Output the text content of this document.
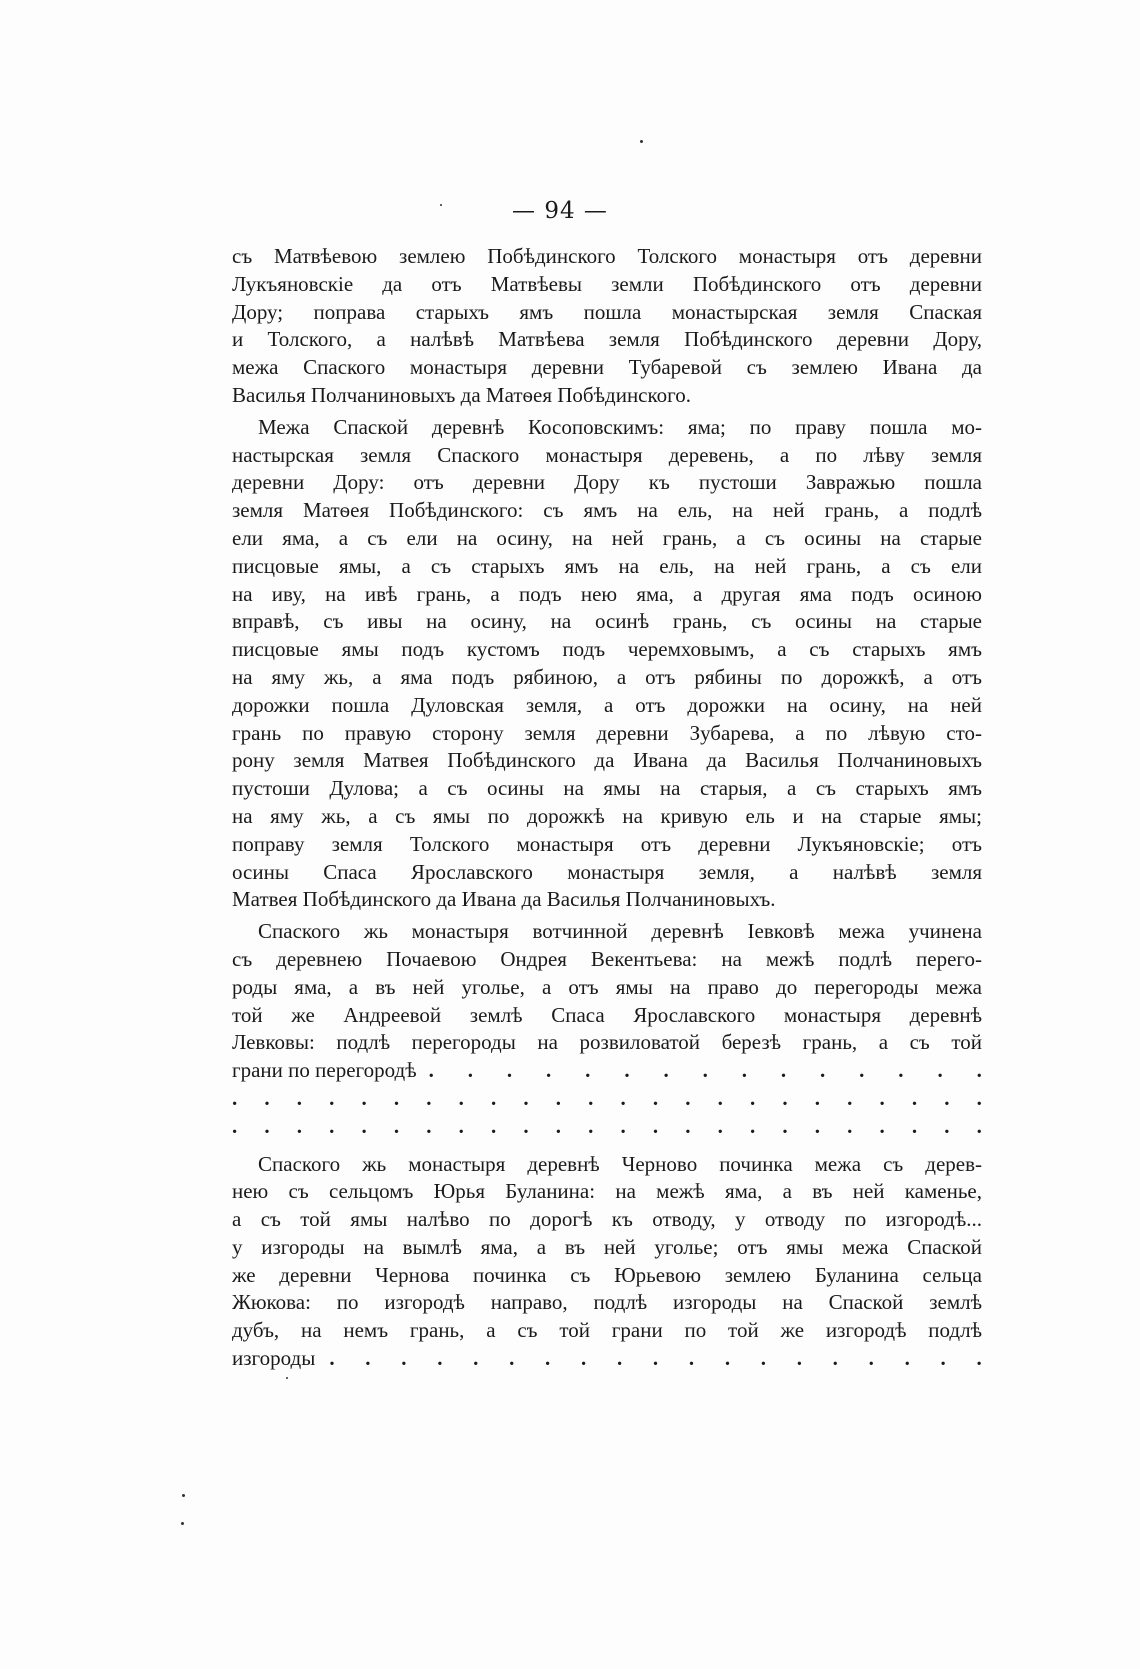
— 94 —
съ Матвѣевою землею Побѣдинского Толского монастыря отъ деревни
Лукъяновскіе да отъ Матвѣевы земли Побѣдинского отъ деревни
Дору; поправа старыхъ ямъ пошла монастырская земля Спаская
и Толского, а налѣвѣ Матвѣева земля Побѣдинского деревни Дору,
межа Спаского монастыря деревни Тубаревой съ землею Ивана да
Василья Полчаниновыхъ да Матѳея Побѣдинского.
Межа Спаской деревнѣ Косоповскимъ: яма; по праву пошла мо-
настырская земля Спаского монастыря деревень, а по лѣву земля
деревни Дору: отъ деревни Дору къ пустоши Завражью пошла
земля Матѳея Побѣдинского: съ ямъ на ель, на ней грань, а подлѣ
ели яма, а съ ели на осину, на ней грань, а съ осины на старые
писцовые ямы, а съ старыхъ ямъ на ель, на ней грань, а съ ели
на иву, на ивѣ грань, а подъ нею яма, а другая яма подъ осиною
вправѣ, съ ивы на осину, на осинѣ грань, съ осины на старые
писцовые ямы подъ кустомъ подъ черемховымъ, а съ старыхъ ямъ
на яму жь, а яма подъ рябиною, а отъ рябины по дорожкѣ, а отъ
дорожки пошла Дуловская земля, а отъ дорожки на осину, на ней
грань по правую сторону земля деревни Зубарева, а по лѣвую сто-
рону земля Матвея Побѣдинского да Ивана да Василья Полчаниновыхъ
пустоши Дулова; а съ осины на ямы на старыя, а съ старыхъ ямъ
на яму жь, а съ ямы по дорожкѣ на кривую ель и на старые ямы;
поправу земля Толского монастыря отъ деревни Лукъяновскіе; отъ
осины Спаса Ярославского монастыря земля, а налѣвѣ земля
Матвея Побѣдинского да Ивана да Василья Полчаниновыхъ.
Спаского жь монастыря вотчинной деревнѣ Іевковѣ межа учинена
съ деревнею Почаевою Ондрея Векентьева: на межѣ подлѣ перего-
роды яма, а въ ней уголье, а отъ ямы на право до перегороды межа
той же Андреевой землѣ Спаса Ярославского монастыря деревнѣ
Левковы: подлѣ перегороды на розвиловатой березѣ грань, а съ той
грани по перегородѣ . . . . . . . . . . . . . . .
. . . . . . . . . . . . . . . . . . . . . . . .
. . . . . . . . . . . . . . . . . . . . . . . .
Спаского жь монастыря деревнѣ Черново починка межа съ дерев-
нею съ сельцомъ Юрья Буланина: на межѣ яма, а въ ней каменье,
а съ той ямы налѣво по дорогѣ къ отводу, у отводу по изгородѣ...
у изгороды на вымлѣ яма, а въ ней уголье; отъ ямы межа Спаской
же деревни Чернова починка съ Юрьевою землею Буланина сельца
Жюкова: по изгородѣ направо, подлѣ изгороды на Спаской землѣ
дубъ, на немъ грань, а съ той грани по той же изгородѣ подлѣ
изгороды . . . . . . . . . . . . . . . . . . .
